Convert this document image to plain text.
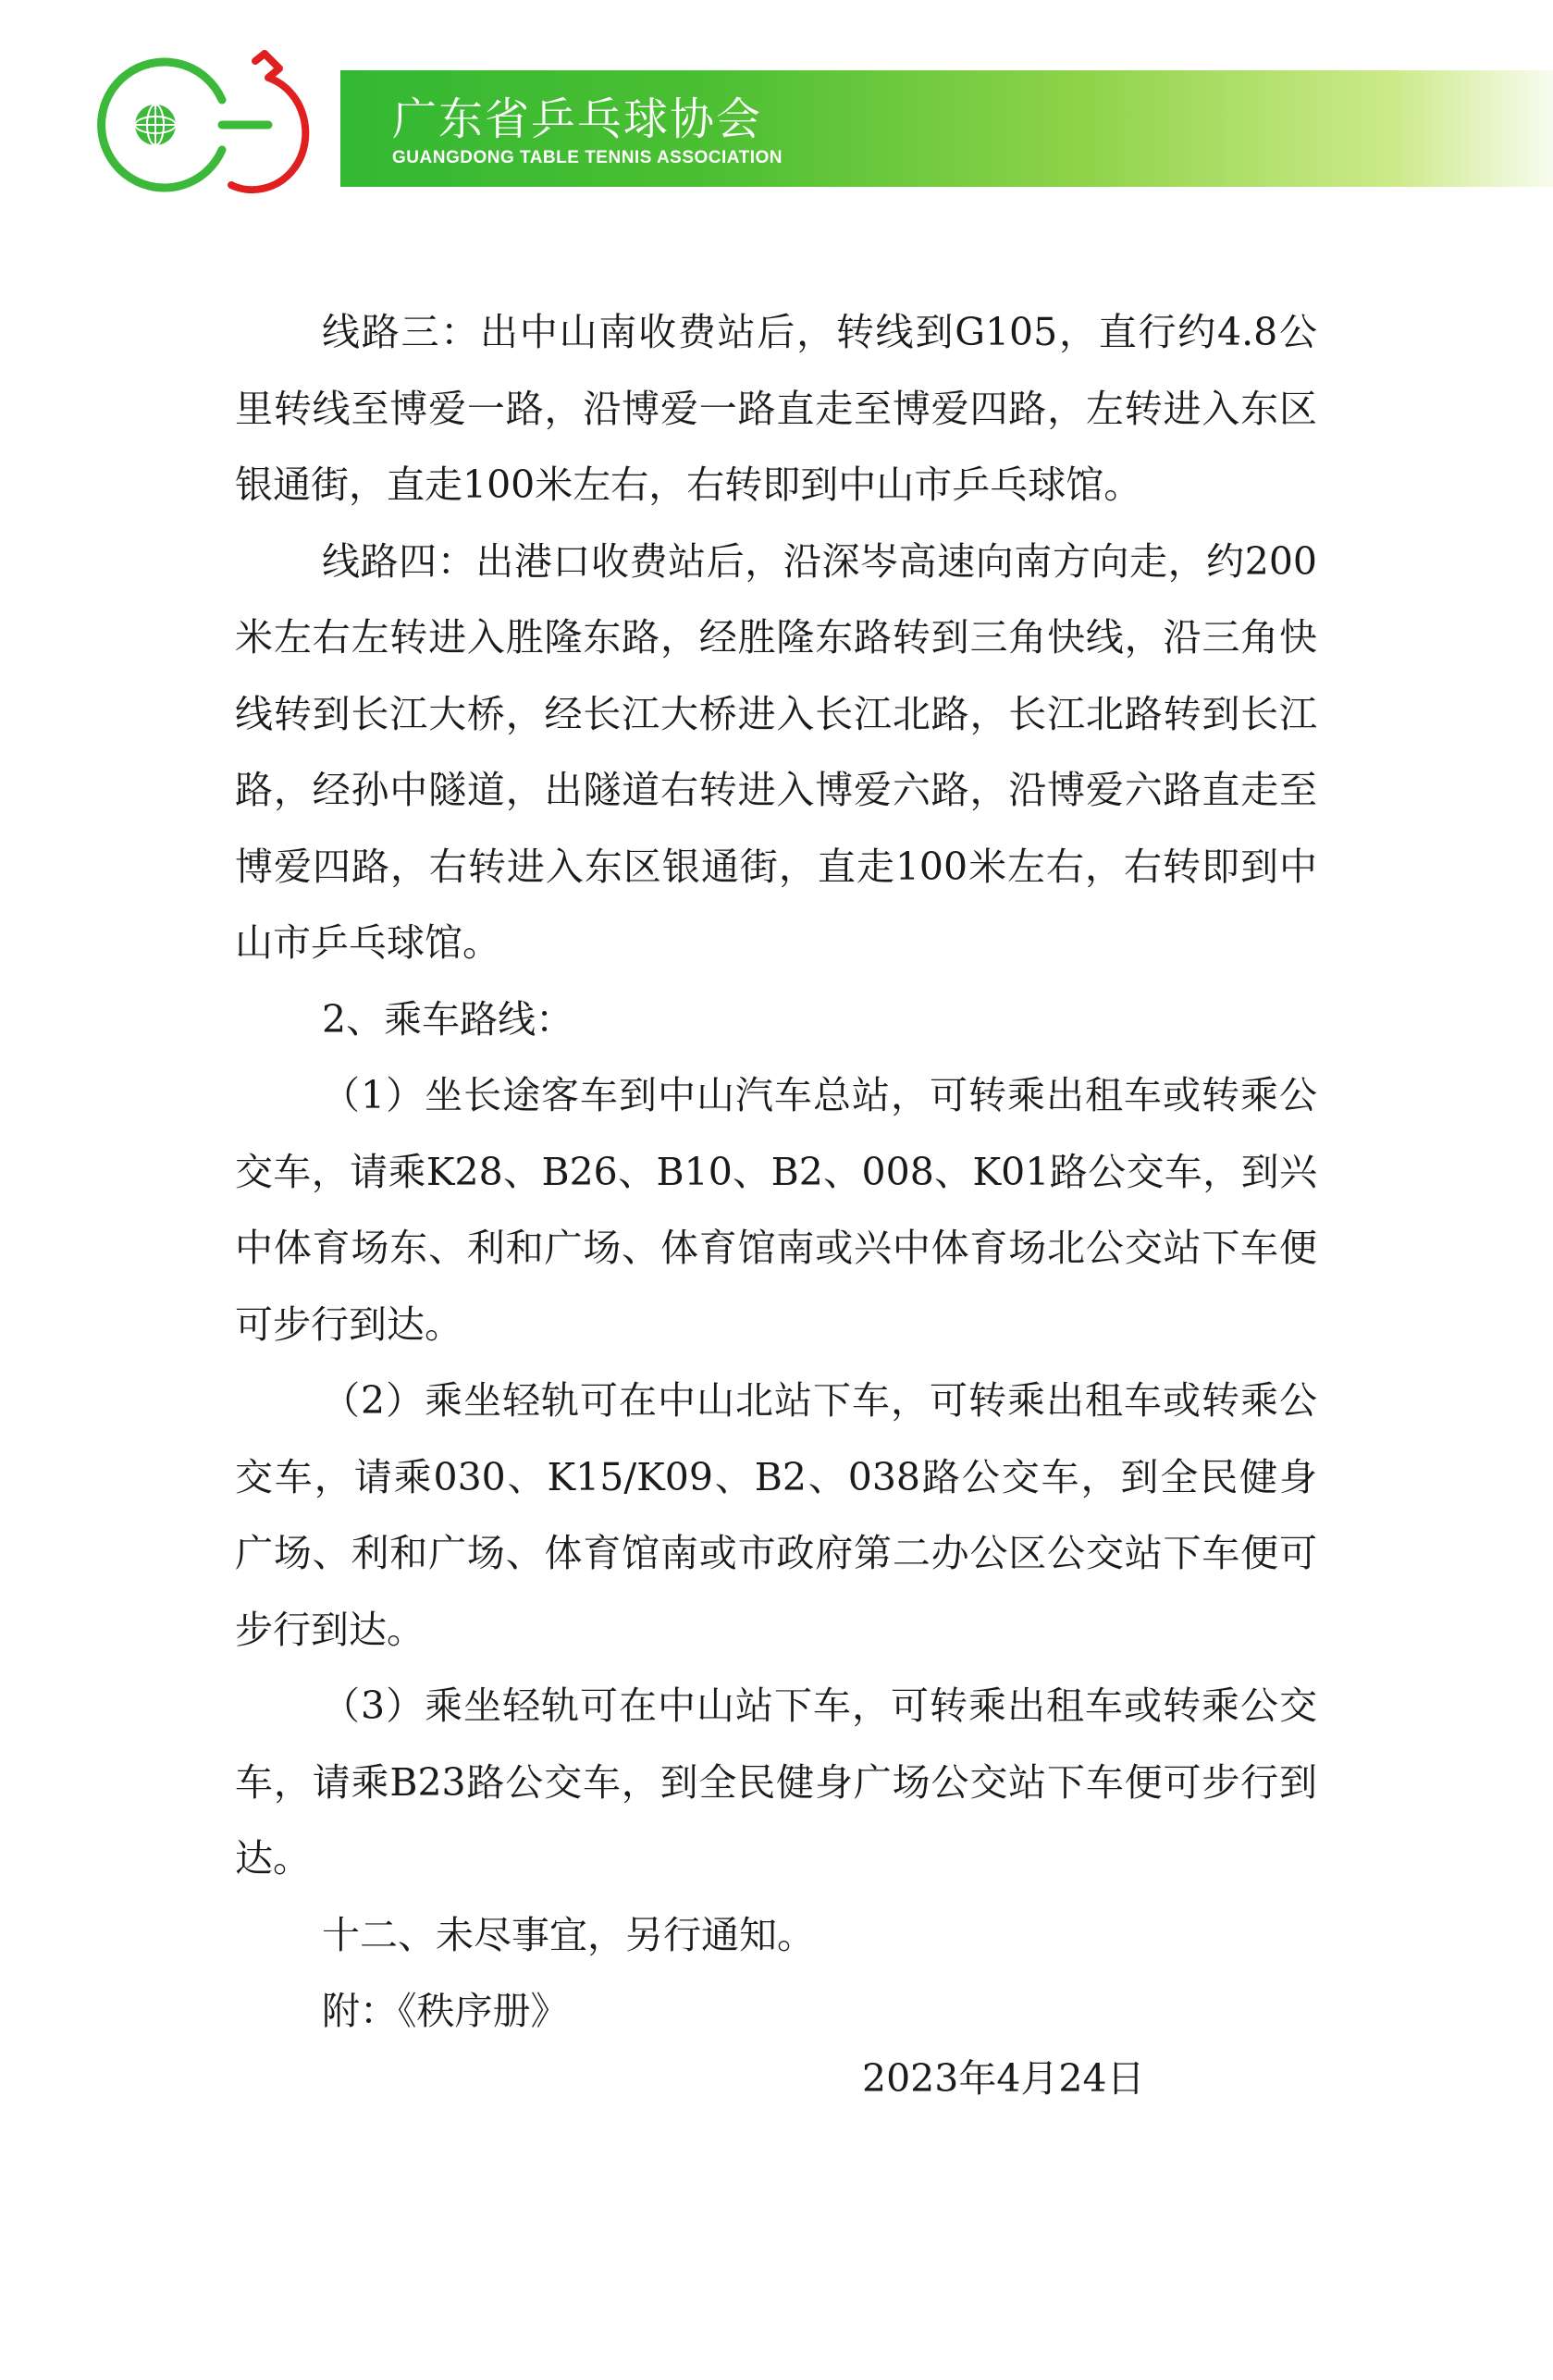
广东省乒乓球协会
GUANGDONG TABLE TENNIS ASSOCIATION

线路三：出中山南收费站后，转线到G105，直行约4.8公里转线至博爱一路，沿博爱一路直走至博爱四路，左转进入东区银通街，直走100米左右，右转即到中山市乒乓球馆。

线路四：出港口收费站后，沿深岑高速向南方向走，约200米左右左转进入胜隆东路，经胜隆东路转到三角快线，沿三角快线转到长江大桥，经长江大桥进入长江北路，长江北路转到长江路，经孙中隧道，出隧道右转进入博爱六路，沿博爱六路直走至博爱四路，右转进入东区银通街，直走100米左右，右转即到中山市乒乓球馆。

2、乘车路线：

（1）坐长途客车到中山汽车总站，可转乘出租车或转乘公交车，请乘K28、B26、B10、B2、008、K01路公交车，到兴中体育场东、利和广场、体育馆南或兴中体育场北公交站下车便可步行到达。

（2）乘坐轻轨可在中山北站下车，可转乘出租车或转乘公交车，请乘030、K15/K09、B2、038路公交车，到全民健身广场、利和广场、体育馆南或市政府第二办公区公交站下车便可步行到达。

（3）乘坐轻轨可在中山站下车，可转乘出租车或转乘公交车，请乘B23路公交车，到全民健身广场公交站下车便可步行到达。

十二、未尽事宜，另行通知。

附：《秩序册》

2023年4月24日
